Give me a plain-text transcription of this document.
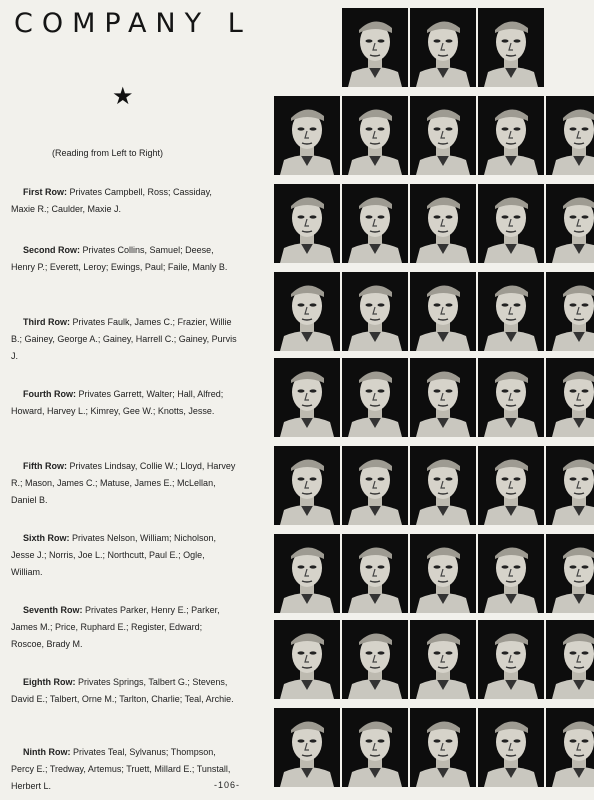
COMPANY L
★
(Reading from Left to Right)

First Row: Privates Campbell, Ross; Cassiday, Maxie R.; Caulder, Maxie J.

Second Row: Privates Collins, Samuel; Deese, Henry P.; Everett, Leroy; Ewings, Paul; Faile, Manly B.

Third Row: Privates Faulk, James C.; Frazier, Willie B.; Gainey, George A.; Gainey, Harrell C.; Gainey, Purvis J.

Fourth Row: Privates Garrett, Walter; Hall, Alfred; Howard, Harvey L.; Kimrey, Gee W.; Knotts, Jesse.

Fifth Row: Privates Lindsay, Collie W.; Lloyd, Harvey R.; Mason, James C.; Matuse, James E.; McLellan, Daniel B.

Sixth Row: Privates Nelson, William; Nicholson, Jesse J.; Norris, Joe L.; Northcutt, Paul E.; Ogle, William.

Seventh Row: Privates Parker, Henry E.; Parker, James M.; Price, Ruphard E.; Register, Edward; Roscoe, Brady M.

Eighth Row: Privates Springs, Talbert G.; Stevens, David E.; Talbert, Orne M.; Tarlton, Charlie; Teal, Archie.

Ninth Row: Privates Teal, Sylvanus; Thompson, Percy E.; Tredway, Artemus; Truett, Millard E.; Tunstall, Herbert L.	-106-
